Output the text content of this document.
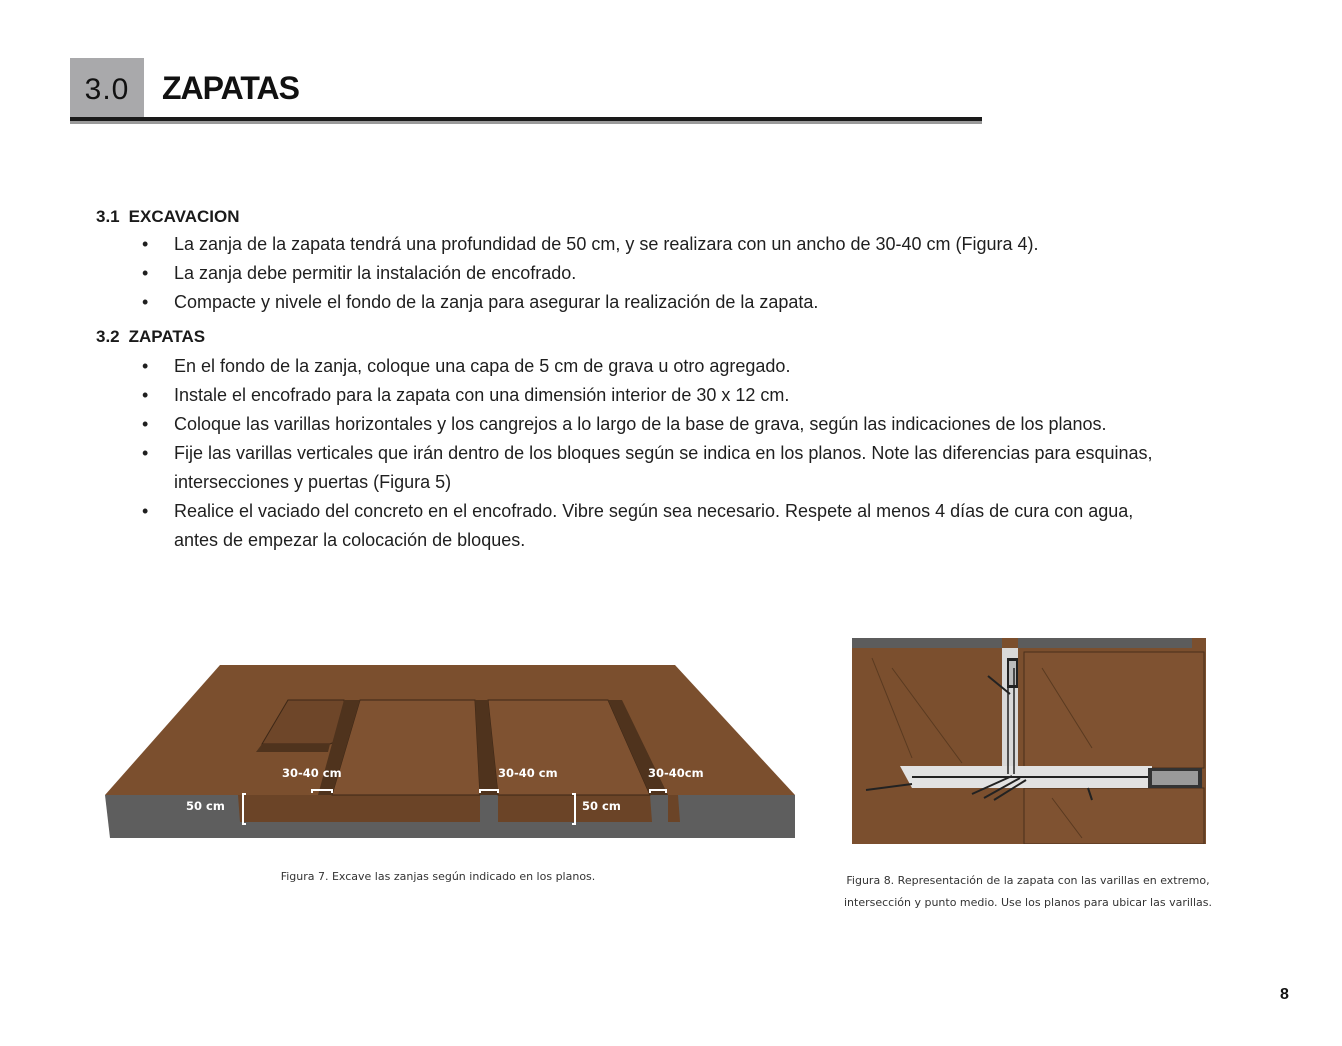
3.0	ZAPATAS
3.1 EXCAVACION
• La zanja de la zapata tendrá una profundidad de 50 cm, y se realizara con un ancho de 30-40 cm (Figura 4).
• La zanja debe permitir la instalación de encofrado.
• Compacte y nivele el fondo de la zanja para asegurar la realización de la zapata.
3.2 ZAPATAS
• En el fondo de la zanja, coloque una capa de 5 cm de grava u otro agregado.
• Instale el encofrado para la zapata con una dimensión interior de 30 x 12 cm.
• Coloque las varillas horizontales y los cangrejos a lo largo de la base de grava, según las indicaciones de los planos.
• Fije las varillas verticales que irán dentro de los bloques según se indica en los planos. Note las diferencias para esquinas, intersecciones y puertas (Figura 5)
• Realice el vaciado del concreto en el encofrado. Vibre según sea necesario. Respete al menos 4 días de cura con agua, antes de empezar la colocación de bloques.
50 cm
30-40 cm	30-40 cm	30-40cm
50 cm
Figura 7. Excave las zanjas según indicado en los planos.	Figura 8. Representación de la zapata con las varillas en extremo,
intersección y punto medio. Use los planos para ubicar las varillas.
8
